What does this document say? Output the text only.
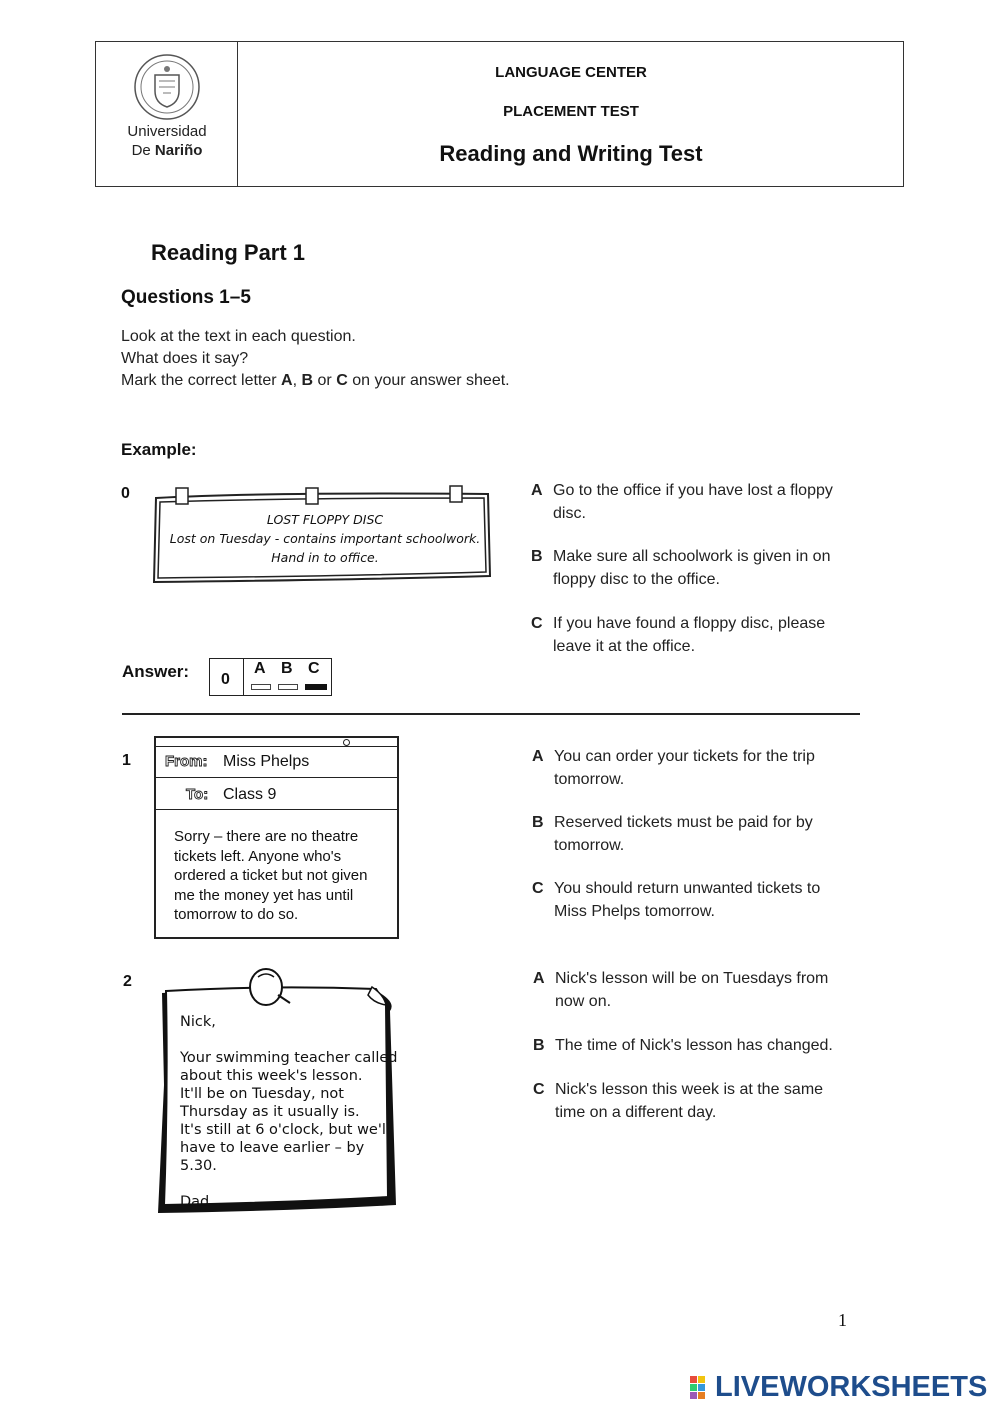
Universidad
De Nariño
LANGUAGE CENTER
PLACEMENT TEST
Reading and Writing Test
Reading Part 1
Questions 1–5
Look at the text in each question.
What does it say?
Mark the correct letter A, B or C on your answer sheet.
Example:
0
LOST FLOPPY DISC
Lost on Tuesday - contains important schoolwork.
Hand in to office.
A Go to the office if you have lost a floppy disc.
B Make sure all schoolwork is given in on floppy disc to the office.
C If you have found a floppy disc, please leave it at the office.
Answer: 0
A B C
1 From: Miss Phelps
To: Class 9
Sorry – there are no theatre
tickets left. Anyone who's
ordered a ticket but not given
me the money yet has until
tomorrow to do so.
A You can order your tickets for the trip tomorrow.
B Reserved tickets must be paid for by tomorrow.
C You should return unwanted tickets to Miss Phelps tomorrow.
2
Nick,
Your swimming teacher called
about this week's lesson.
It'll be on Tuesday, not
Thursday as it usually is.
It's still at 6 o'clock, but we'll
have to leave earlier – by 5.30.
Dad
A Nick's lesson will be on Tuesdays from now on.
B The time of Nick's lesson has changed.
C Nick's lesson this week is at the same time on a different day.
1
LIVEWORKSHEETS
